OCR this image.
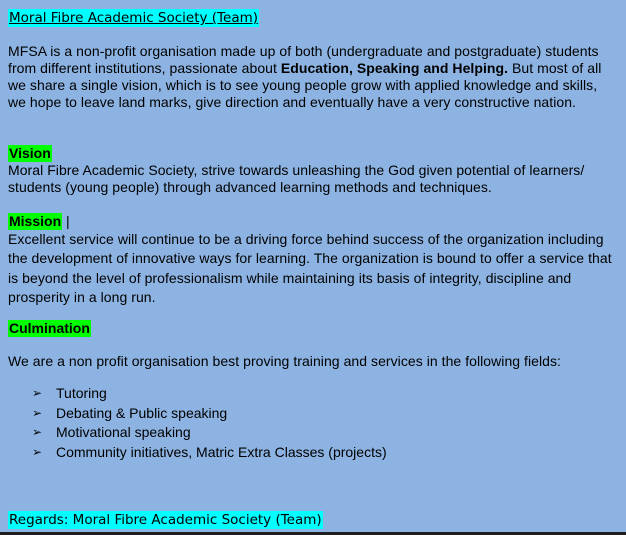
Moral Fibre Academic Society (Team)

MFSA is a non-profit organisation made up of both (undergraduate and postgraduate) students from different institutions, passionate about Education, Speaking and Helping. But most of all we share a single vision, which is to see young people grow with applied knowledge and skills, we hope to leave land marks, give direction and eventually have a very constructive nation.

Vision

Moral Fibre Academic Society, strive towards unleashing the God given potential of learners/ students (young people) through advanced learning methods and techniques.

Mission |

Excellent service will continue to be a driving force behind success of the organization including the development of innovative ways for learning. The organization is bound to offer a service that is beyond the level of professionalism while maintaining its basis of integrity, discipline and prosperity in a long run.

Culmination

We are a non profit organisation best proving training and services in the following fields:

➢ Tutoring
➢ Debating & Public speaking
➢ Motivational speaking
➢ Community initiatives, Matric Extra Classes (projects)
Regards: Moral Fibre Academic Society (Team)
